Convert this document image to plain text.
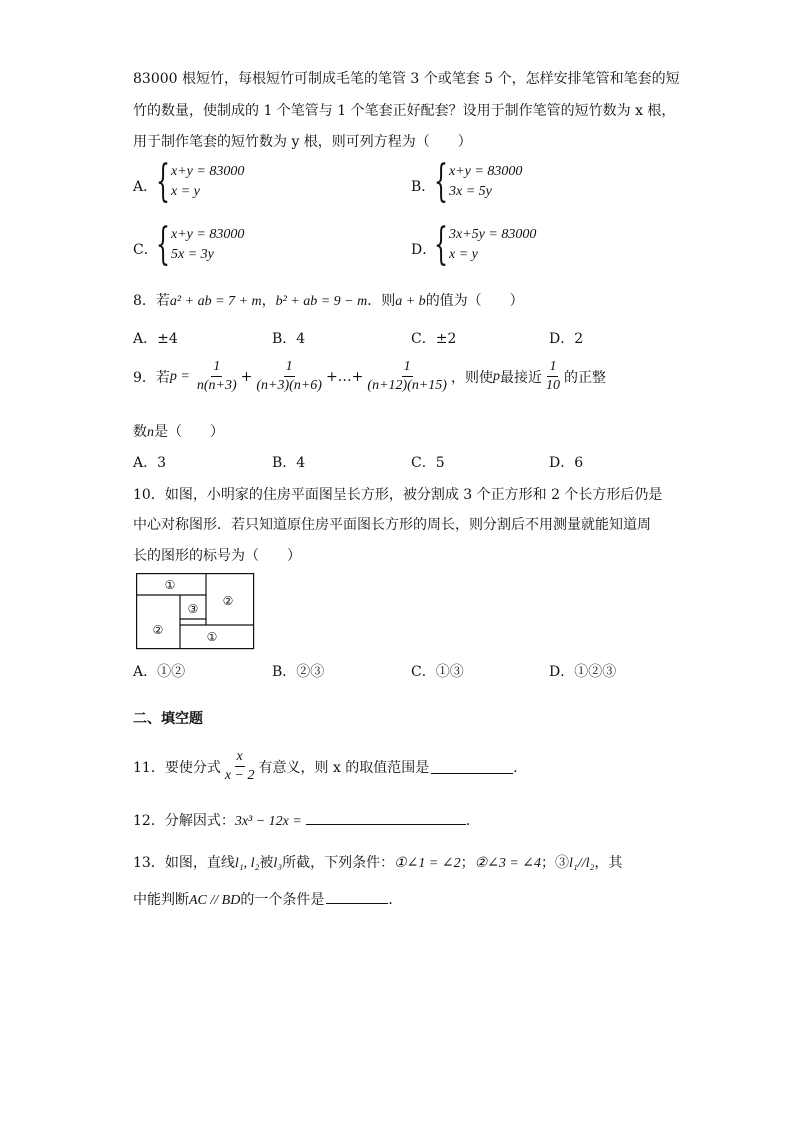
83000 根短竹，每根短竹可制成毛笔的笔管 3 个或笔套 5 个，怎样安排笔管和笔套的短
竹的数量，使制成的 1 个笔管与 1 个笔套正好配套？设用于制作笔管的短竹数为 x 根，
用于制作笔套的短竹数为 y 根，则可列方程为（　　）
A．
{ x+y = 83000
x = y	B．
{ x+y = 83000
3x = 5y
C．
{ x+y = 83000
5x = 3y	D．
{ 3x+5y = 83000
x = y
8．若a² + ab = 7 + m，b² + ab = 9 − m．则a + b的值为（　　）
A．±4	B．4	C．±2	D．2
9．若 $p = \frac{1}{n(n+3)} + \frac{1}{(n+3)(n+6)}$ +…+ $\frac{1}{(n+12)(n+15)}$ ，则使 p 最接近 $\frac{1}{10}$ 的正整
数n是（　　）
A．3	B．4	C．5	D．6
10．如图，小明家的住房平面图呈长方形，被分割成 3 个正方形和 2 个长方形后仍是
中心对称图形．若只知道原住房平面图长方形的周长，则分割后不用测量就能知道周
长的图形的标号为（　　）
①
②
③
②	①
A．①②	B．②③	C．①③	D．①②③
二、填空题
11．要使分式 $\frac{x}{x - 2}$ 有意义，则 x 的取值范围是	．
12．分解因式：3x³ − 12x =	．
13．如图，直线l₁, l₂被l₃所截，下列条件：①∠1 = ∠2；②∠3 = ∠4；③l₁//l₂，其
中能判断AC // BD的一个条件是	．
